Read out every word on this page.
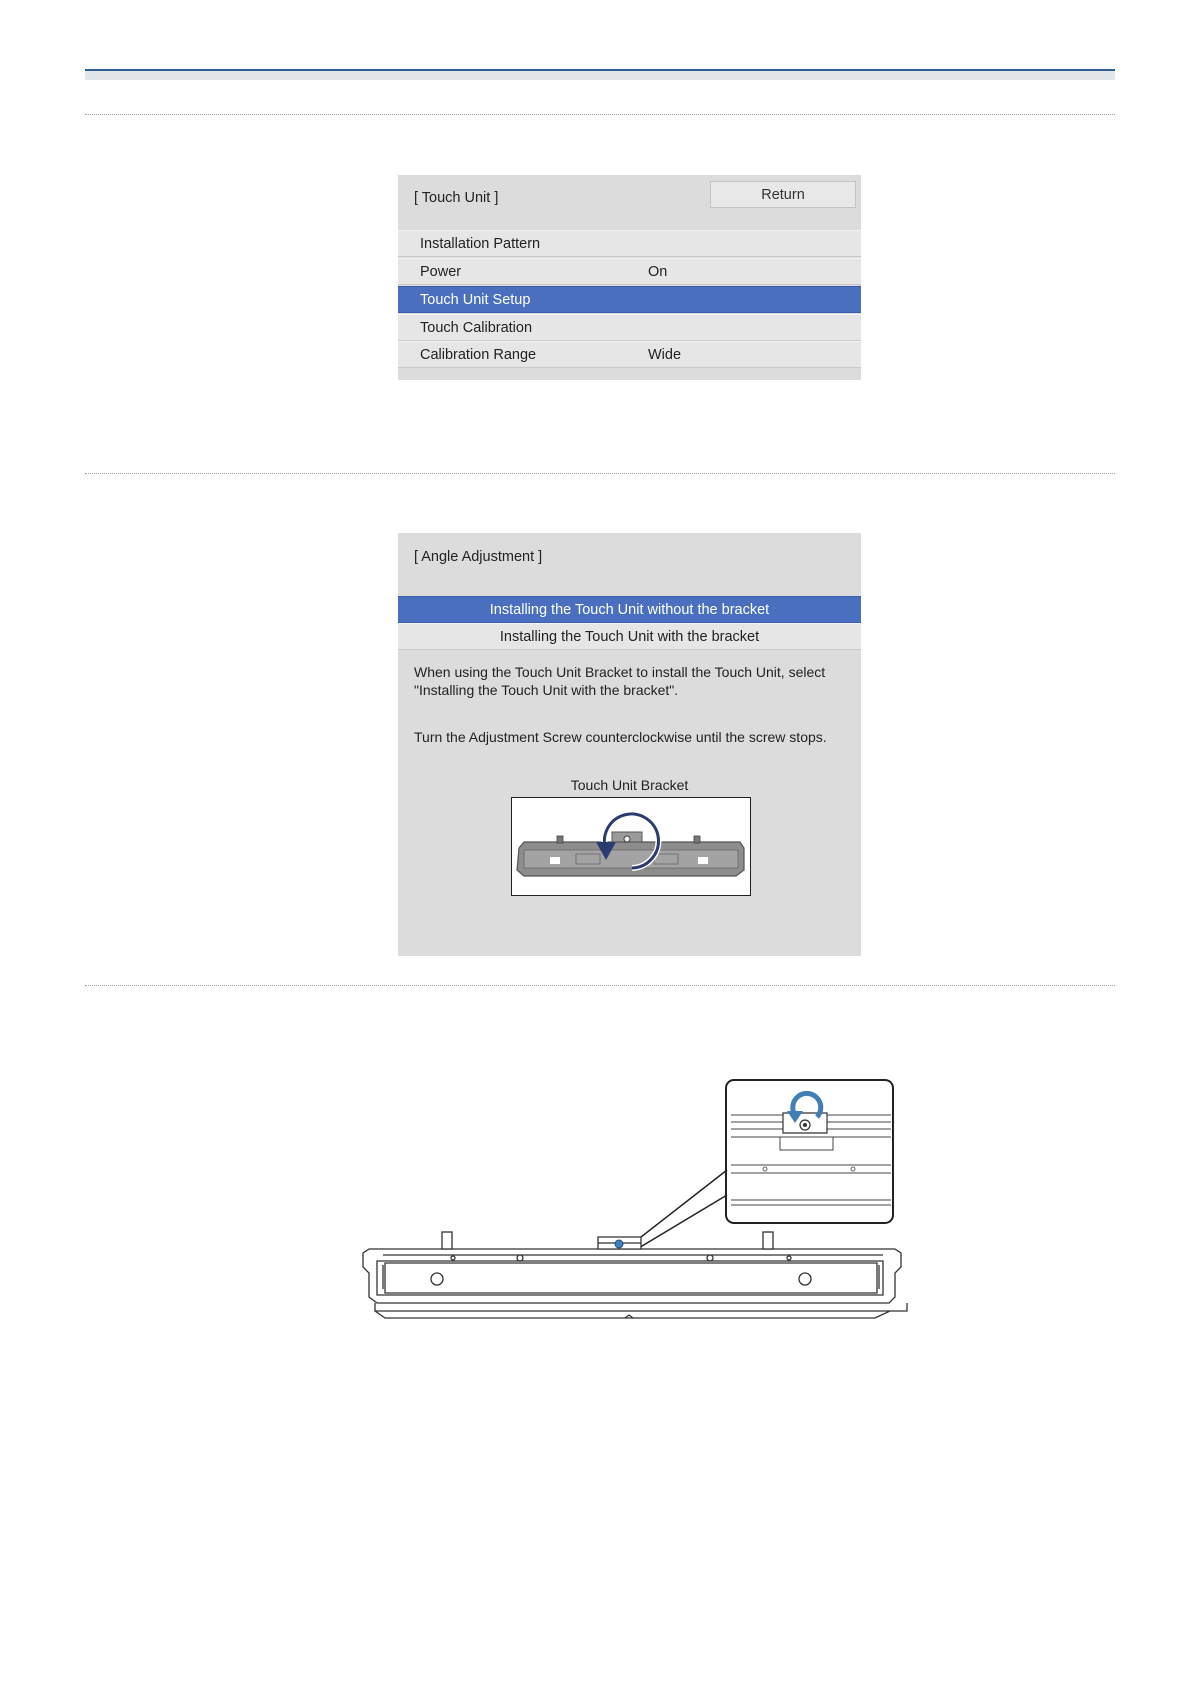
[ Touch Unit ]	Return
Installation Pattern
Power	On
Touch Unit Setup
Touch Calibration
Calibration Range	Wide
[ Angle Adjustment ]
Installing the Touch Unit without the bracket
Installing the Touch Unit with the bracket
When using the Touch Unit Bracket to install the Touch Unit, select "Installing the Touch Unit with the bracket".
Turn the Adjustment Screw counterclockwise until the screw stops.
Touch Unit Bracket
